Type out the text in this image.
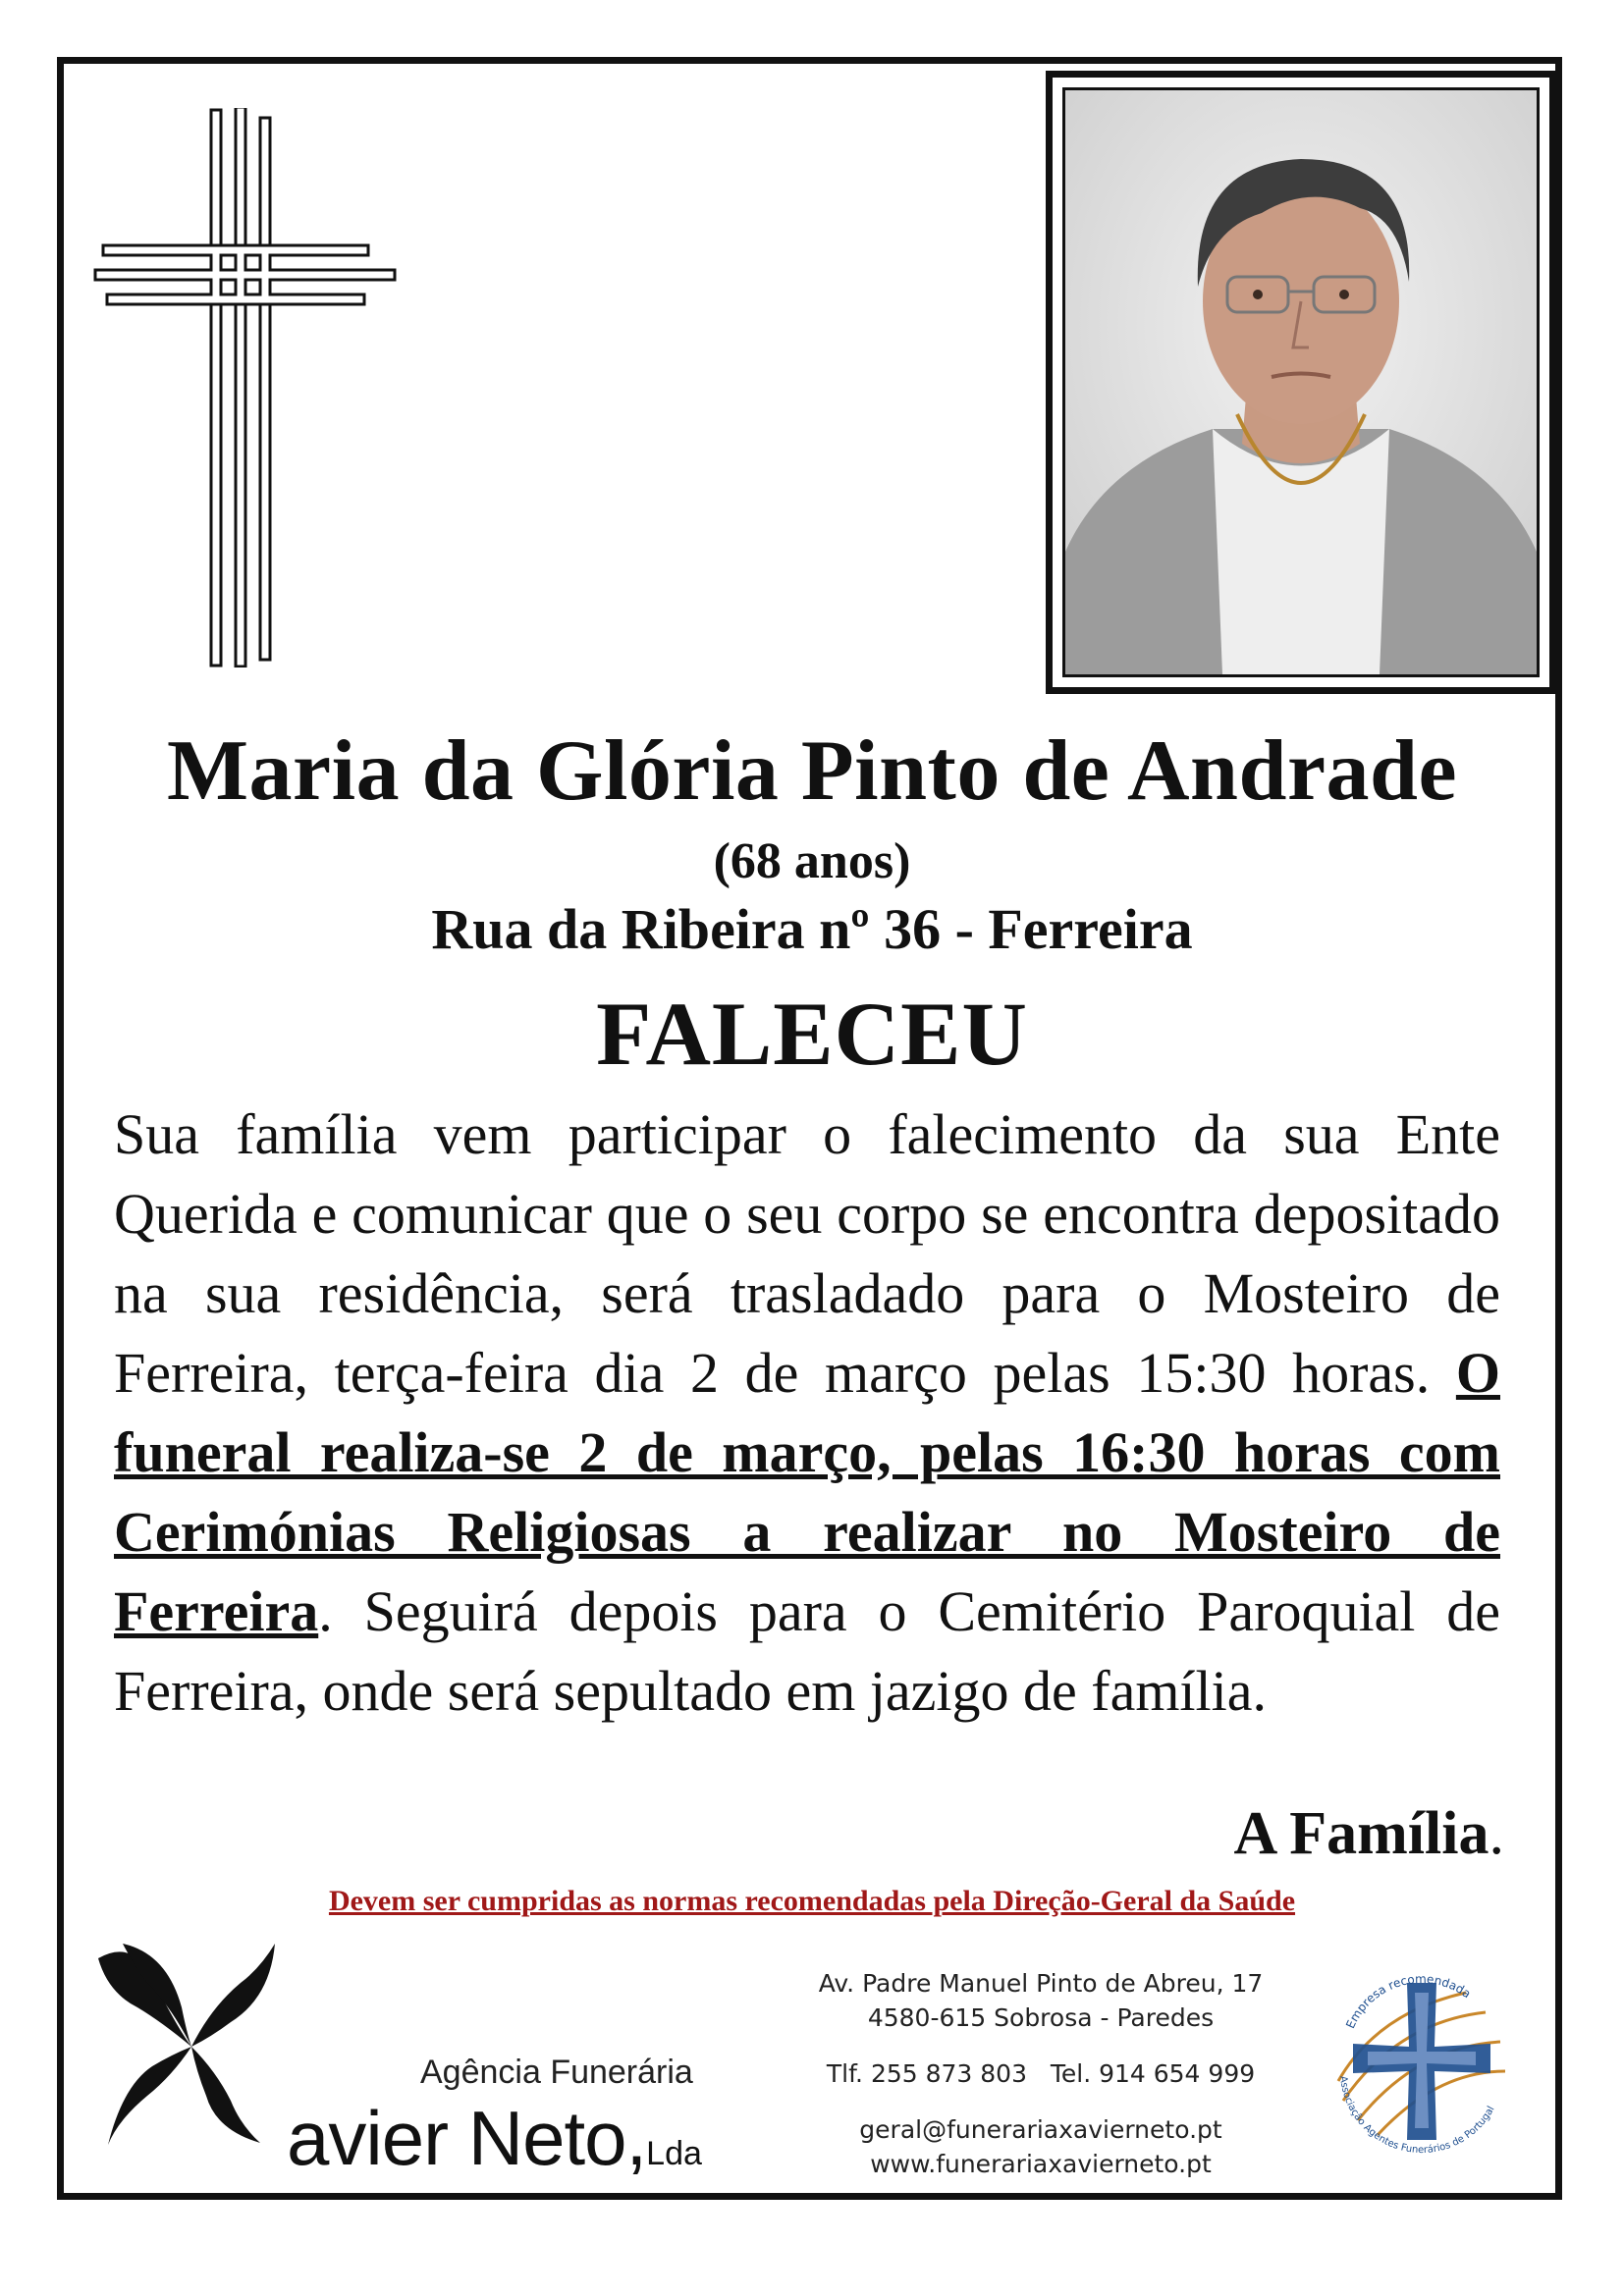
Maria da Glória Pinto de Andrade
(68 anos)
Rua da Ribeira nº 36 - Ferreira
FALECEU
Sua família vem participar o falecimento da sua Ente Querida e comunicar que o seu corpo se encontra depositado na sua residência, será trasladado para o Mosteiro de Ferreira, terça-feira dia 2 de março pelas 15:30 horas. O funeral realiza-se 2 de março, pelas 16:30 horas com Cerimónias Religiosas a realizar no Mosteiro de Ferreira. Seguirá depois para o Cemitério Paroquial de Ferreira, onde será sepultado em jazigo de família.
A Família.
Devem ser cumpridas as normas recomendadas pela Direção-Geral da Saúde
Agência Funerária
avier Neto,Lda
Av. Padre Manuel Pinto de Abreu, 17
4580-615 Sobrosa - Paredes
Tlf. 255 873 803   Tel. 914 654 999
geral@funerariaxavierneto.pt
www.funerariaxavierneto.pt
Empresa recomendada
Associação Agentes Funerários de Portugal
